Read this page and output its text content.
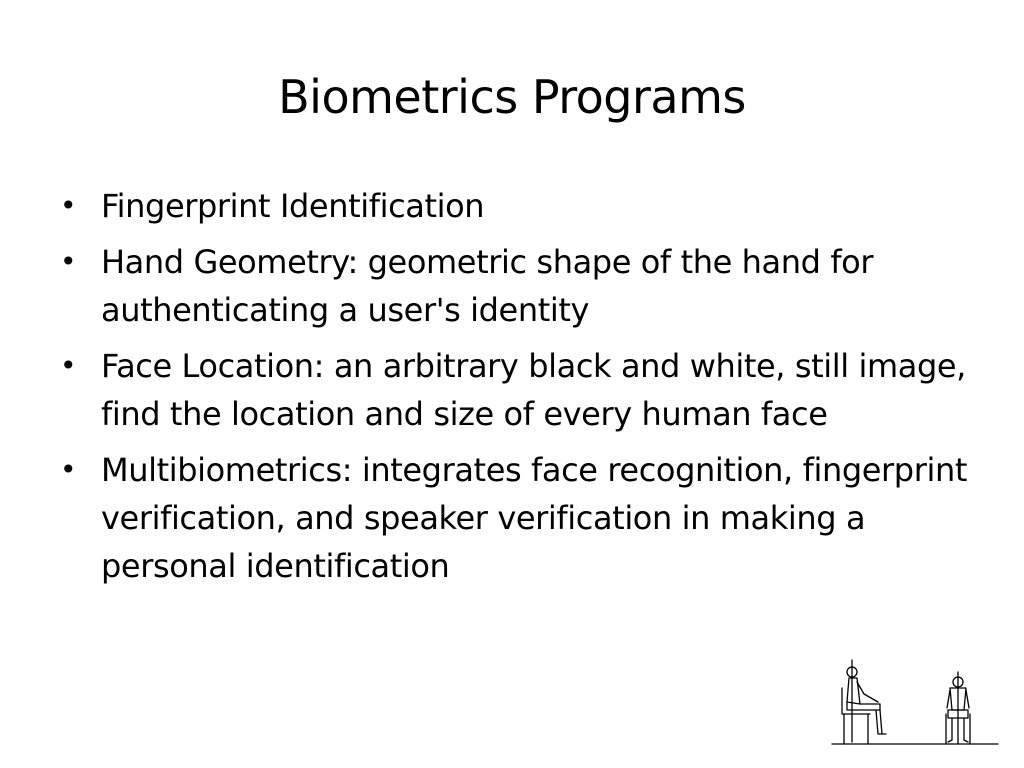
Biometrics Programs
• Fingerprint Identification
• Hand Geometry: geometric shape of the hand for authenticating a user's identity
• Face Location: an arbitrary black and white, still image, find the location and size of every human face
• Multibiometrics: integrates face recognition, fingerprint verification, and speaker verification in making a personal identification
